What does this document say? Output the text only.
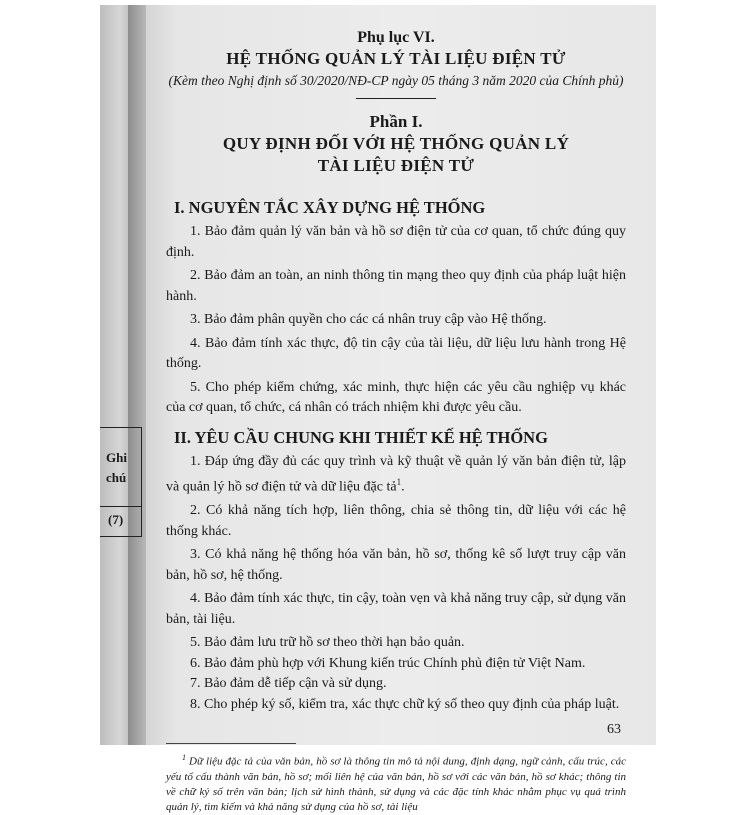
Ghi
chú
(7)

Phụ lục VI.

HỆ THỐNG QUẢN LÝ TÀI LIỆU ĐIỆN TỬ

(Kèm theo Nghị định số 30/2020/NĐ-CP ngày 05 tháng 3 năm 2020 của Chính phủ)

Phần I.

QUY ĐỊNH ĐỐI VỚI HỆ THỐNG QUẢN LÝ

TÀI LIỆU ĐIỆN TỬ

I. NGUYÊN TẮC XÂY DỰNG HỆ THỐNG

1. Bảo đảm quản lý văn bản và hồ sơ điện tử của cơ quan, tổ chức đúng quy định.

2. Bảo đảm an toàn, an ninh thông tin mạng theo quy định của pháp luật hiện hành.

3. Bảo đảm phân quyền cho các cá nhân truy cập vào Hệ thống.

4. Bảo đảm tính xác thực, độ tin cậy của tài liệu, dữ liệu lưu hành trong Hệ thống.

5. Cho phép kiểm chứng, xác minh, thực hiện các yêu cầu nghiệp vụ khác của cơ quan, tổ chức, cá nhân có trách nhiệm khi được yêu cầu.

II. YÊU CẦU CHUNG KHI THIẾT KẾ HỆ THỐNG

1. Đáp ứng đầy đủ các quy trình và kỹ thuật về quản lý văn bản điện tử, lập và quản lý hồ sơ điện tử và dữ liệu đặc tả$^1$.

2. Có khả năng tích hợp, liên thông, chia sẻ thông tin, dữ liệu với các hệ thống khác.

3. Có khả năng hệ thống hóa văn bản, hồ sơ, thống kê số lượt truy cập văn bản, hồ sơ, hệ thống.

4. Bảo đảm tính xác thực, tin cậy, toàn vẹn và khả năng truy cập, sử dụng văn bản, tài liệu.

5. Bảo đảm lưu trữ hồ sơ theo thời hạn bảo quản.

6. Bảo đảm phù hợp với Khung kiến trúc Chính phủ điện tử Việt Nam.

7. Bảo đảm dễ tiếp cận và sử dụng.

8. Cho phép ký số, kiểm tra, xác thực chữ ký số theo quy định của pháp luật.

$^1$ Dữ liệu đặc tả của văn bản, hồ sơ là thông tin mô tả nội dung, định dạng, ngữ cảnh, cấu trúc, các yếu tố cấu thành văn bản, hồ sơ; mối liên hệ của văn bản, hồ sơ với các văn bản, hồ sơ khác; thông tin về chữ ký số trên văn bản; lịch sử hình thành, sử dụng và các đặc tính khác nhằm phục vụ quá trình quản lý, tìm kiếm và khả năng sử dụng của hồ sơ, tài liệu

63
